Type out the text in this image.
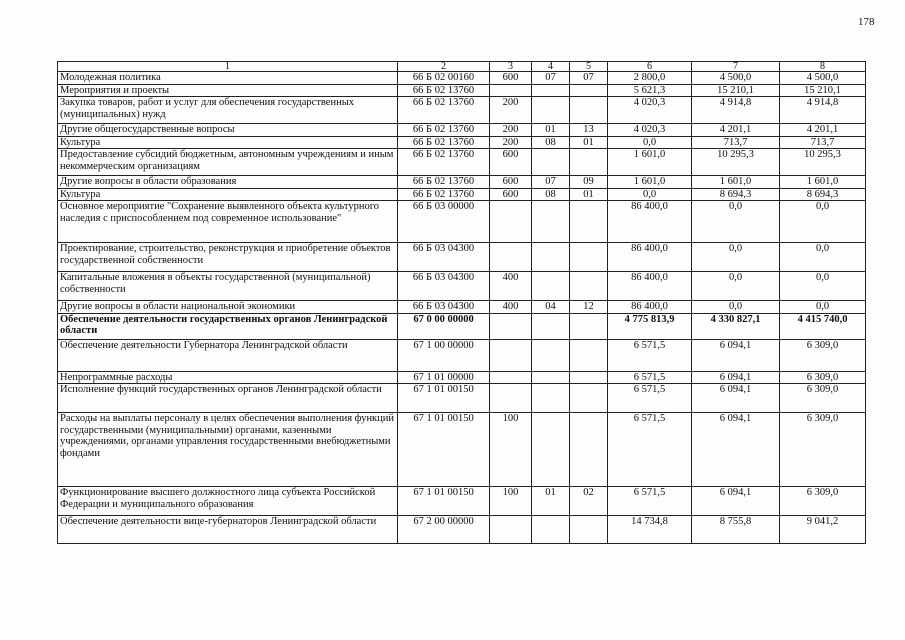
178
1	2	3	4	5	6	7	8
Молодежная политика	66 Б 02 00160	600	07	07	2 800,0	4 500,0	4 500,0
Мероприятия и проекты	66 Б 02 13760				5 621,3	15 210,1	15 210,1
Закупка товаров, работ и услуг для обеспечения государственных (муниципальных) нужд	66 Б 02 13760	200			4 020,3	4 914,8	4 914,8
Другие общегосударственные вопросы	66 Б 02 13760	200	01	13	4 020,3	4 201,1	4 201,1
Культура	66 Б 02 13760	200	08	01	0,0	713,7	713,7
Предоставление субсидий бюджетным, автономным учреждениям и иным некоммерческим организациям	66 Б 02 13760	600			1 601,0	10 295,3	10 295,3
Другие вопросы в области образования	66 Б 02 13760	600	07	09	1 601,0	1 601,0	1 601,0
Культура	66 Б 02 13760	600	08	01	0,0	8 694,3	8 694,3
Основное мероприятие "Сохранение выявленного объекта культурного наследия с приспособлением под современное использование"	66 Б 03 00000				86 400,0	0,0	0,0
Проектирование, строительство, реконструкция и приобретение объектов государственной собственности	66 Б 03 04300				86 400,0	0,0	0,0
Капитальные вложения в объекты государственной (муниципальной) собственности	66 Б 03 04300	400			86 400,0	0,0	0,0
Другие вопросы в области национальной экономики	66 Б 03 04300	400	04	12	86 400,0	0,0	0,0
Обеспечение деятельности государственных органов Ленинградской области	67 0 00 00000				4 775 813,9	4 330 827,1	4 415 740,0
Обеспечение деятельности Губернатора Ленинградской области	67 1 00 00000				6 571,5	6 094,1	6 309,0
Непрограммные расходы	67 1 01 00000				6 571,5	6 094,1	6 309,0
Исполнение функций государственных органов Ленинградской области	67 1 01 00150				6 571,5	6 094,1	6 309,0
Расходы на выплаты персоналу в целях обеспечения выполнения функций государственными (муниципальными) органами, казенными учреждениями, органами управления государственными внебюджетными фондами	67 1 01 00150	100			6 571,5	6 094,1	6 309,0
Функционирование высшего должностного лица субъекта Российской Федерации и муниципального образования	67 1 01 00150	100	01	02	6 571,5	6 094,1	6 309,0
Обеспечение деятельности вице-губернаторов Ленинградской области	67 2 00 00000				14 734,8	8 755,8	9 041,2
